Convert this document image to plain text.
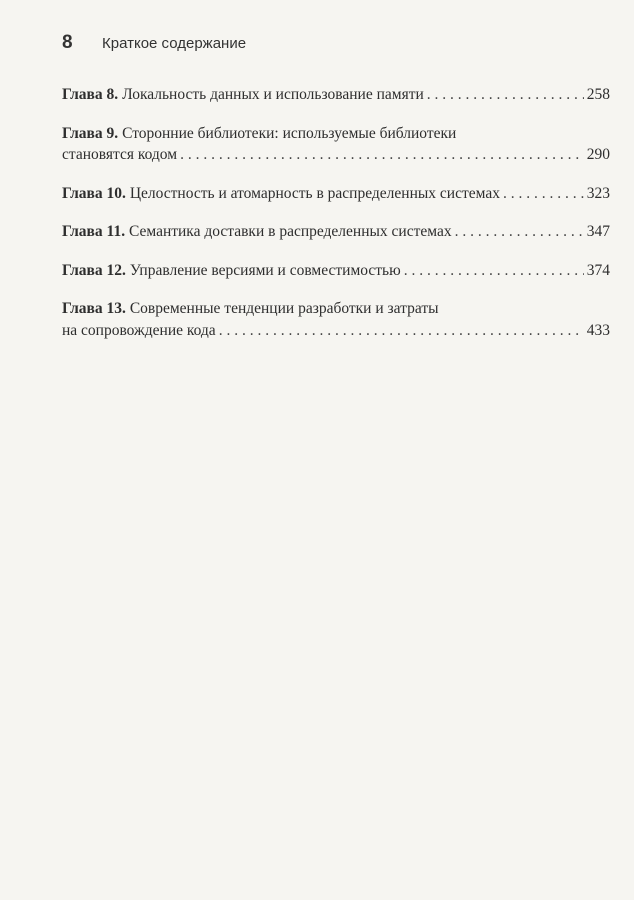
8	Краткое содержание
Глава 8. Локальность данных и использование памяти . . .	258
Глава 9. Сторонние библиотеки: используемые библиотеки
становятся кодом . . .	290
Глава 10. Целостность и атомарность в распределенных системах . . .	323
Глава 11. Семантика доставки в распределенных системах . . .	347
Глава 12. Управление версиями и совместимостью . . .	374
Глава 13. Современные тенденции разработки и затраты
на сопровождение кода . . .	433
